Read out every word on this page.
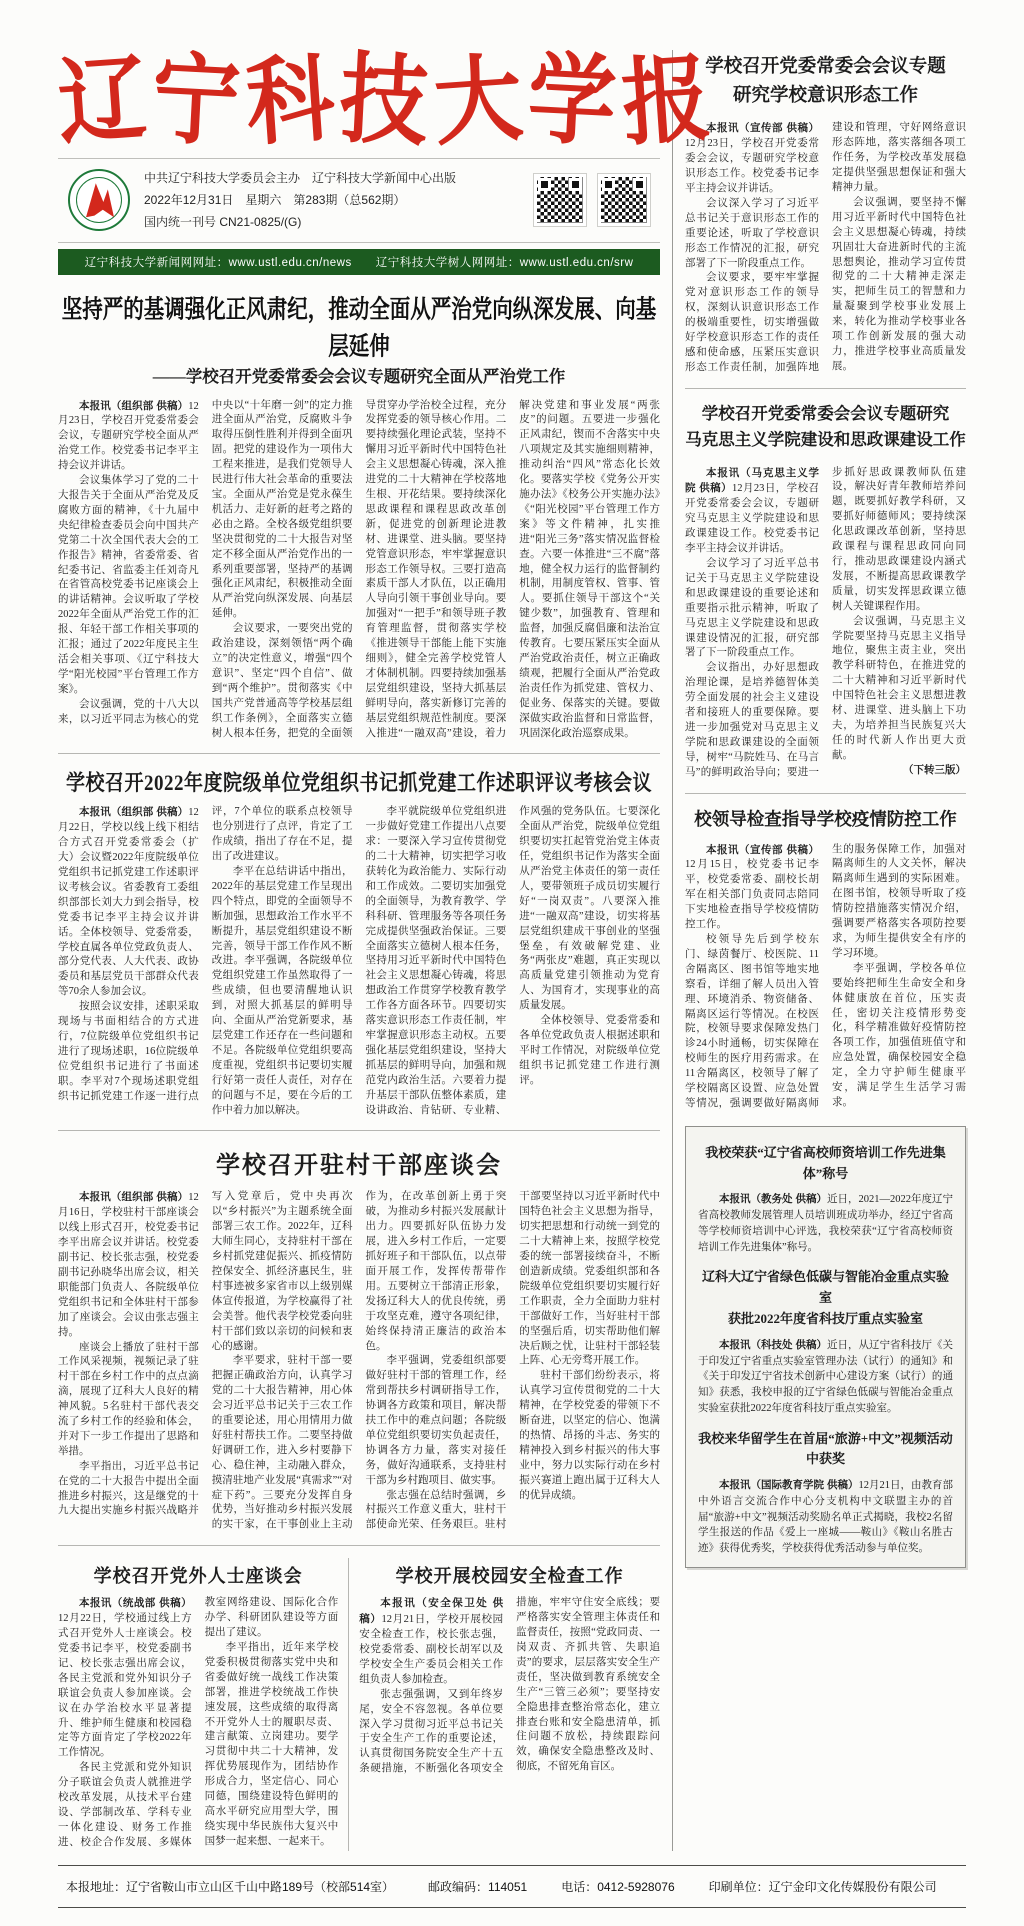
辽宁科技大学报
中共辽宁科技大学委员会主办　辽宁科技大学新闻中心出版
2022年12月31日　星期六　第283期（总562期）
国内统一刊号 CN21-0825/(G)
辽宁科技大学新闻网网址：www.ustl.edu.cn/news　　辽宁科技大学树人网网址：www.ustl.edu.cn/srw
坚持严的基调强化正风肃纪，推动全面从严治党向纵深发展、向基层延伸
——学校召开党委常委会会议专题研究全面从严治党工作

本报讯（组织部 供稿）12月23日，学校召开党委常委会会议，专题研究学校全面从严治党工作。校党委书记李平主持会议并讲话。

会议集体学习了党的二十大报告关于全面从严治党及反腐败方面的精神，《十九届中央纪律检查委员会向中国共产党第二十次全国代表大会的工作报告》精神，省委常委、省纪委书记、省监委主任刘奇凡在省管高校党委书记座谈会上的讲话精神。会议听取了学校2022年全面从严治党工作的汇报、年轻干部工作相关事项的汇报；通过了2022年度民主生活会相关事项、《辽宁科技大学“阳光校园”平台管理工作方案》。

会议强调，党的十八大以来，以习近平同志为核心的党中央以“十年磨一剑”的定力推进全面从严治党，反腐败斗争取得压倒性胜利并得到全面巩固。把党的建设作为一项伟大工程来推进，是我们党领导人民进行伟大社会革命的重要法宝。全面从严治党是党永葆生机活力、走好新的赶考之路的必由之路。全校各级党组织要坚决贯彻党的二十大报告对坚定不移全面从严治党作出的一系列重要部署，坚持严的基调强化正风肃纪，积极推动全面从严治党向纵深发展、向基层延伸。

会议要求，一要突出党的政治建设，深刻领悟“两个确立”的决定性意义，增强“四个意识”、坚定“四个自信”、做到“两个维护”。贯彻落实《中国共产党普通高等学校基层组织工作条例》，全面落实立德树人根本任务，把党的全面领导贯穿办学治校全过程，充分发挥党委的领导核心作用。二要持续强化理论武装，坚持不懈用习近平新时代中国特色社会主义思想凝心铸魂，深入推进党的二十大精神在学校落地生根、开花结果。要持续深化思政课程和课程思政改革创新，促进党的创新理论进教材、进课堂、进头脑。要坚持党管意识形态，牢牢掌握意识形态工作领导权。三要打造高素质干部人才队伍，以正确用人导向引领干事创业导向。要加强对“一把手”和领导班子教育管理监督，贯彻落实学校《推进领导干部能上能下实施细则》，健全完善学校党管人才体制机制。四要持续加强基层党组织建设，坚持大抓基层鲜明导向，落实新修订完善的基层党组织规范性制度。要深入推进“一融双高”建设，着力解决党建和事业发展“两张皮”的问题。五要进一步强化正风肃纪，锲而不舍落实中央八项规定及其实施细则精神，推动纠治“四风”常态化长效化。要落实学校《党务公开实施办法》《校务公开实施办法》《“阳光校园”平台管理工作方案》等文件精神，扎实推进“阳光三务”落实情况监督检查。六要一体推进“三不腐”落地，健全权力运行的监督制约机制，用制度管权、管事、管人。要抓住领导干部这个“关键少数”，加强教育、管理和监督，加强反腐倡廉和法治宣传教育。七要压紧压实全面从严治党政治责任，树立正确政绩观，把履行全面从严治党政治责任作为抓党建、管权力、促业务、保落实的关键。要做深做实政治监督和日常监督，巩固深化政治巡察成果。

学校召开2022年度院级单位党组织书记抓党建工作述职评议考核会议

本报讯（组织部 供稿）12月22日，学校以线上线下相结合方式召开党委常委会（扩大）会议暨2022年度院级单位党组织书记抓党建工作述职评议考核会议。省委教育工委组织部部长刘大力到会指导，校党委书记李平主持会议并讲话。全体校领导、党委常委，学校直属各单位党政负责人、部分党代表、人大代表、政协委员和基层党员干部群众代表等70余人参加会议。

按照会议安排，述职采取现场与书面相结合的方式进行，7位院级单位党组织书记进行了现场述职，16位院级单位党组织书记进行了书面述职。李平对7个现场述职党组织书记抓党建工作逐一进行点评，7个单位的联系点校领导也分别进行了点评，肯定了工作成绩，指出了存在不足，提出了改进建议。

李平在总结讲话中指出，2022年的基层党建工作呈现出四个特点，即党的全面领导不断加强，思想政治工作水平不断提升，基层党组织建设不断完善，领导干部工作作风不断改进。李平强调，各院级单位党组织党建工作虽然取得了一些成绩，但也要清醒地认识到，对照大抓基层的鲜明导向、全面从严治党新要求，基层党建工作还存在一些问题和不足。各院级单位党组织要高度重视，党组织书记要切实履行好第一责任人责任，对存在的问题与不足，要在今后的工作中着力加以解决。

李平就院级单位党组织进一步做好党建工作提出八点要求：一要深入学习宣传贯彻党的二十大精神，切实把学习收获转化为政治能力、实际行动和工作成效。二要切实加强党的全面领导，为教育教学、学科科研、管理服务等各项任务完成提供坚强政治保证。三要全面落实立德树人根本任务，坚持用习近平新时代中国特色社会主义思想凝心铸魂，将思想政治工作贯穿学校教育教学工作各方面各环节。四要切实落实意识形态工作责任制，牢牢掌握意识形态主动权。五要强化基层党组织建设，坚持大抓基层的鲜明导向，加强和规范党内政治生活。六要着力提升基层干部队伍整体素质，建设讲政治、肯钻研、专业精、作风强的党务队伍。七要深化全面从严治党，院级单位党组织要切实扛起管党治党主体责任，党组织书记作为落实全面从严治党主体责任的第一责任人，要带领班子成员切实履行好“一岗双责”。八要深入推进“一融双高”建设，切实将基层党组织建成干事创业的坚强堡垒，有效破解党建、业务“两张皮”难题，真正实现以高质量党建引领推动为党育人、为国育才，实现事业的高质量发展。

全体校领导、党委常委和各单位党政负责人根据述职和平时工作情况，对院级单位党组织书记抓党建工作进行测评。

学校召开驻村干部座谈会

本报讯（组织部 供稿）12月16日，学校驻村干部座谈会以线上形式召开，校党委书记李平出席会议并讲话。校党委副书记、校长张志强，校党委副书记孙晓华出席会议，相关职能部门负责人、各院级单位党组织书记和全体驻村干部参加了座谈会。会议由张志强主持。

座谈会上播放了驻村干部工作风采视频，视频记录了驻村干部在乡村工作中的点点滴滴，展现了辽科大人良好的精神风貌。5名驻村干部代表交流了乡村工作的经验和体会，并对下一步工作提出了思路和举措。

李平指出，习近平总书记在党的二十大报告中提出全面推进乡村振兴，这是继党的十九大提出实施乡村振兴战略并写入党章后，党中央再次以“乡村振兴”为主题系统全面部署三农工作。2022年，辽科大师生同心，支持驻村干部在乡村抓党建促振兴、抓疫情防控保安全、抓经济惠民生，驻村事迹被多家省市以上级别媒体宣传报道，为学校赢得了社会美誉。他代表学校党委向驻村干部们致以亲切的问候和衷心的感谢。

李平要求，驻村干部一要把握正确政治方向，认真学习党的二十大报告精神，用心体会习近平总书记关于三农工作的重要论述，用心用情用力做好驻村帮扶工作。二要坚持做好调研工作，进入乡村要静下心、稳住神，主动融入群众，摸清驻地产业发展“真需求”“对症下药”。三要充分发挥自身优势，当好推动乡村振兴发展的实干家，在干事创业上主动作为，在改革创新上勇于突破，为推动乡村振兴发展献计出力。四要抓好队伍协力发展，进入乡村工作后，一定要抓好班子和干部队伍，以点带面开展工作，发挥传帮带作用。五要树立干部清正形象，发扬辽科大人的优良传统，勇于攻坚克难，遵守各项纪律，始终保持清正廉洁的政治本色。

李平强调，党委组织部要做好驻村干部的管理工作，经常到帮扶乡村调研指导工作，协调各方政策和项目，解决帮扶工作中的难点问题；各院级单位党组织要切实负起责任，协调各方力量，落实对接任务，做好沟通联系，支持驻村干部为乡村跑项目、做实事。

张志强在总结时强调，乡村振兴工作意义重大，驻村干部使命光荣、任务艰巨。驻村干部要坚持以习近平新时代中国特色社会主义思想为指导，切实把思想和行动统一到党的二十大精神上来，按照学校党委的统一部署接续奋斗，不断创造新成绩。党委组织部和各院级单位党组织要切实履行好工作职责，全力全面助力驻村干部做好工作，当好驻村干部的坚强后盾，切实帮助他们解决后顾之忧，让驻村干部轻装上阵、心无旁骛开展工作。

驻村干部们纷纷表示，将认真学习宣传贯彻党的二十大精神，在学校党委的带领下不断奋进，以坚定的信心、饱满的热情、昂扬的斗志、务实的精神投入到乡村振兴的伟大事业中，努力以实际行动在乡村振兴赛道上跑出属于辽科大人的优异成绩。

学校召开党外人士座谈会

本报讯（统战部 供稿）12月22日，学校通过线上方式召开党外人士座谈会。校党委书记李平，校党委副书记、校长张志强出席会议，各民主党派和党外知识分子联谊会负责人参加座谈。会议在办学治校水平显著提升、维护师生健康和校园稳定等方面肯定了学校2022年工作情况。

各民主党派和党外知识分子联谊会负责人就推进学校改革发展，从技术平台建设、学部制改革、学科专业一体化建设、财务工作推进、校企合作发展、多媒体教室网络建设、国际化合作办学、科研团队建设等方面提出了建议。

李平指出，近年来学校党委积极贯彻落实党中央和省委做好统一战线工作决策部署，推进学校统战工作快速发展，这些成绩的取得离不开党外人士的履职尽责、建言献策、立岗建功。要学习贯彻中共二十大精神，发挥优势展现作为，团结协作形成合力，坚定信心、同心同德，围绕建设特色鲜明的高水平研究应用型大学，围绕实现中华民族伟大复兴中国梦一起来想、一起来干。

学校开展校园安全检查工作

本报讯（安全保卫处 供稿）12月21日，学校开展校园安全检查工作，校长张志强，校党委常委、副校长胡军以及学校安全生产委员会相关工作组负责人参加检查。

张志强强调，又到年终岁尾，安全不容忽视。各单位要深入学习贯彻习近平总书记关于安全生产工作的重要论述，认真贯彻国务院安全生产十五条硬措施，不断强化各项安全措施，牢牢守住安全底线；要严格落实安全管理主体责任和监督责任，按照“党政同责、一岗双责、齐抓共管、失职追责”的要求，层层落实安全生产责任，坚决做到教育系统安全生产“三管三必须”；要坚持安全隐患排查整治常态化，建立排查台账和安全隐患清单，抓住问题不放松，持续跟踪问效，确保安全隐患整改及时、彻底，不留死角盲区。

学校召开党委常委会会议专题
研究学校意识形态工作

本报讯（宣传部 供稿）12月23日，学校召开党委常委会会议，专题研究学校意识形态工作。校党委书记李平主持会议并讲话。

会议深入学习了习近平总书记关于意识形态工作的重要论述，听取了学校意识形态工作情况的汇报，研究部署了下一阶段重点工作。

会议要求，要牢牢掌握党对意识形态工作的领导权，深刻认识意识形态工作的极端重要性，切实增强做好学校意识形态工作的责任感和使命感，压紧压实意识形态工作责任制，加强阵地建设和管理，守好网络意识形态阵地，落实落细各项工作任务，为学校改革发展稳定提供坚强思想保证和强大精神力量。

会议强调，要坚持不懈用习近平新时代中国特色社会主义思想凝心铸魂，持续巩固壮大奋进新时代的主流思想舆论，推动学习宣传贯彻党的二十大精神走深走实，把师生员工的智慧和力量凝聚到学校事业发展上来，转化为推动学校事业各项工作创新发展的强大动力，推进学校事业高质量发展。

学校召开党委常委会会议专题研究
马克思主义学院建设和思政课建设工作

本报讯（马克思主义学院 供稿）12月23日，学校召开党委常委会会议，专题研究马克思主义学院建设和思政课建设工作。校党委书记李平主持会议并讲话。

会议学习了习近平总书记关于马克思主义学院建设和思政课建设的重要论述和重要指示批示精神，听取了马克思主义学院建设和思政课建设情况的汇报，研究部署了下一阶段重点工作。

会议指出，办好思想政治理论课，是培养德智体美劳全面发展的社会主义建设者和接班人的重要保障。要进一步加强党对马克思主义学院和思政课建设的全面领导，树牢“马院姓马、在马言马”的鲜明政治导向；要进一步抓好思政课教师队伍建设，解决好青年教师培养问题，既要抓好教学科研，又要抓好师德师风；要持续深化思政课改革创新，坚持思政课程与课程思政同向同行，推动思政课建设内涵式发展，不断提高思政课教学质量，切实发挥思政课立德树人关键课程作用。

会议强调，马克思主义学院要坚持马克思主义指导地位，聚焦主责主业，突出教学科研特色，在推进党的二十大精神和习近平新时代中国特色社会主义思想进教材、进课堂、进头脑上下功夫，为培养担当民族复兴大任的时代新人作出更大贡献。

（下转三版）

校领导检查指导学校疫情防控工作

本报讯（宣传部 供稿）12月15日，校党委书记李平，校党委常委、副校长胡军在相关部门负责同志陪同下实地检查指导学校疫情防控工作。

校领导先后到学校东门、绿茵餐厅、校医院、11舍隔离区、图书馆等地实地察看，详细了解人员出入管理、环境消杀、物资储备、隔离区运行等情况。在校医院，校领导要求保障发热门诊24小时通畅，切实保障在校师生的医疗用药需求。在11舍隔离区，校领导了解了学校隔离区设置、应急处置等情况，强调要做好隔离师生的服务保障工作，加强对隔离师生的人文关怀，解决隔离师生遇到的实际困难。在图书馆，校领导听取了疫情防控措施落实情况介绍，强调要严格落实各项防控要求，为师生提供安全有序的学习环境。

李平强调，学校各单位要始终把师生生命安全和身体健康放在首位，压实责任，密切关注疫情形势变化，科学精准做好疫情防控各项工作，加强值班值守和应急处置，确保校园安全稳定，全力守护师生健康平安，满足学生生活学习需求。

我校荣获“辽宁省高校师资培训工作先进集体”称号

本报讯（教务处 供稿）近日，2021—2022年度辽宁省高校教师发展管理人员培训班成功举办，经辽宁省高等学校师资培训中心评选，我校荣获“辽宁省高校师资培训工作先进集体”称号。

辽科大辽宁省绿色低碳与智能冶金重点实验室
获批2022年度省科技厅重点实验室

本报讯（科技处 供稿）近日，从辽宁省科技厅《关于印发辽宁省重点实验室管理办法（试行）的通知》和《关于印发辽宁省技术创新中心建设方案（试行）的通知》获悉，我校申报的辽宁省绿色低碳与智能冶金重点实验室获批2022年度省科技厅重点实验室。

我校来华留学生在首届“旅游+中文”视频活动中获奖

本报讯（国际教育学院 供稿）12月21日，由教育部中外语言交流合作中心分支机构中文联盟主办的首届“旅游+中文”视频活动奖励名单正式揭晓，我校2名留学生报送的作品《爱上一座城——鞍山》《鞍山名胜古迹》获得优秀奖，学校获得优秀活动参与单位奖。

本报地址：辽宁省鞍山市立山区千山中路189号（校部514室）	邮政编码：114051	电话：0412-5928076	印刷单位：辽宁金印文化传媒股份有限公司
